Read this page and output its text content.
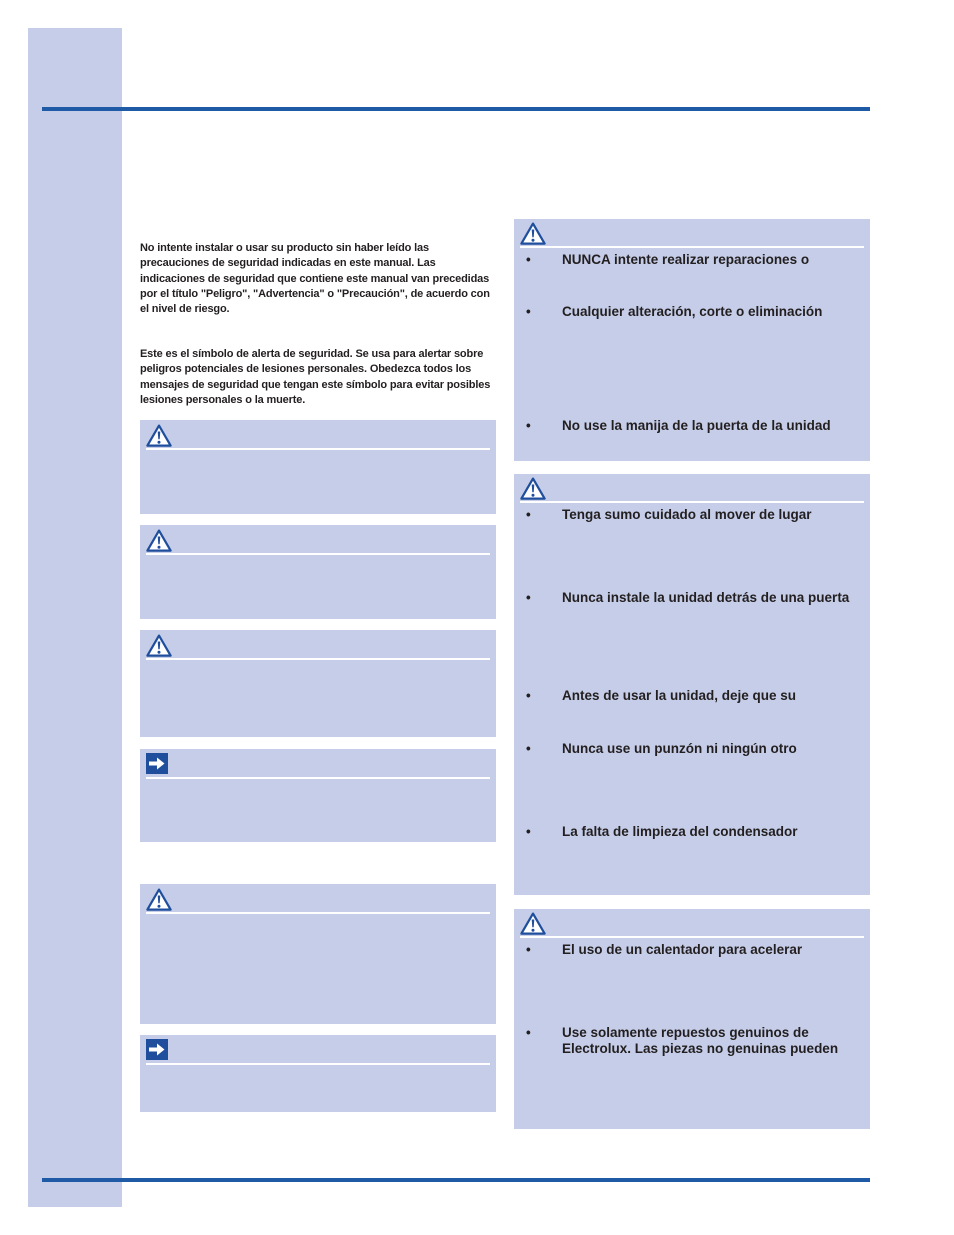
No intente instalar o usar su producto sin haber leído las precauciones de seguridad indicadas en este manual. Las indicaciones de seguridad que contiene este manual van precedidas por el título "Peligro", "Advertencia" o "Precaución", de acuerdo con el nivel de riesgo.

Este es el símbolo de alerta de seguridad. Se usa para alertar sobre peligros potenciales de lesiones personales. Obedezca todos los mensajes de seguridad que tengan este símbolo para evitar posibles lesiones personales o la muerte.

• NUNCA intente realizar reparaciones o
• Cualquier alteración, corte o eliminación
• No use la manija de la puerta de la unidad
• Tenga sumo cuidado al mover de lugar
• Nunca instale la unidad detrás de una puerta
• Antes de usar la unidad, deje que su
• Nunca use un punzón ni ningún otro
• La falta de limpieza del condensador
• El uso de un calentador para acelerar
• Use solamente repuestos genuinos de
Electrolux. Las piezas no genuinas pueden
